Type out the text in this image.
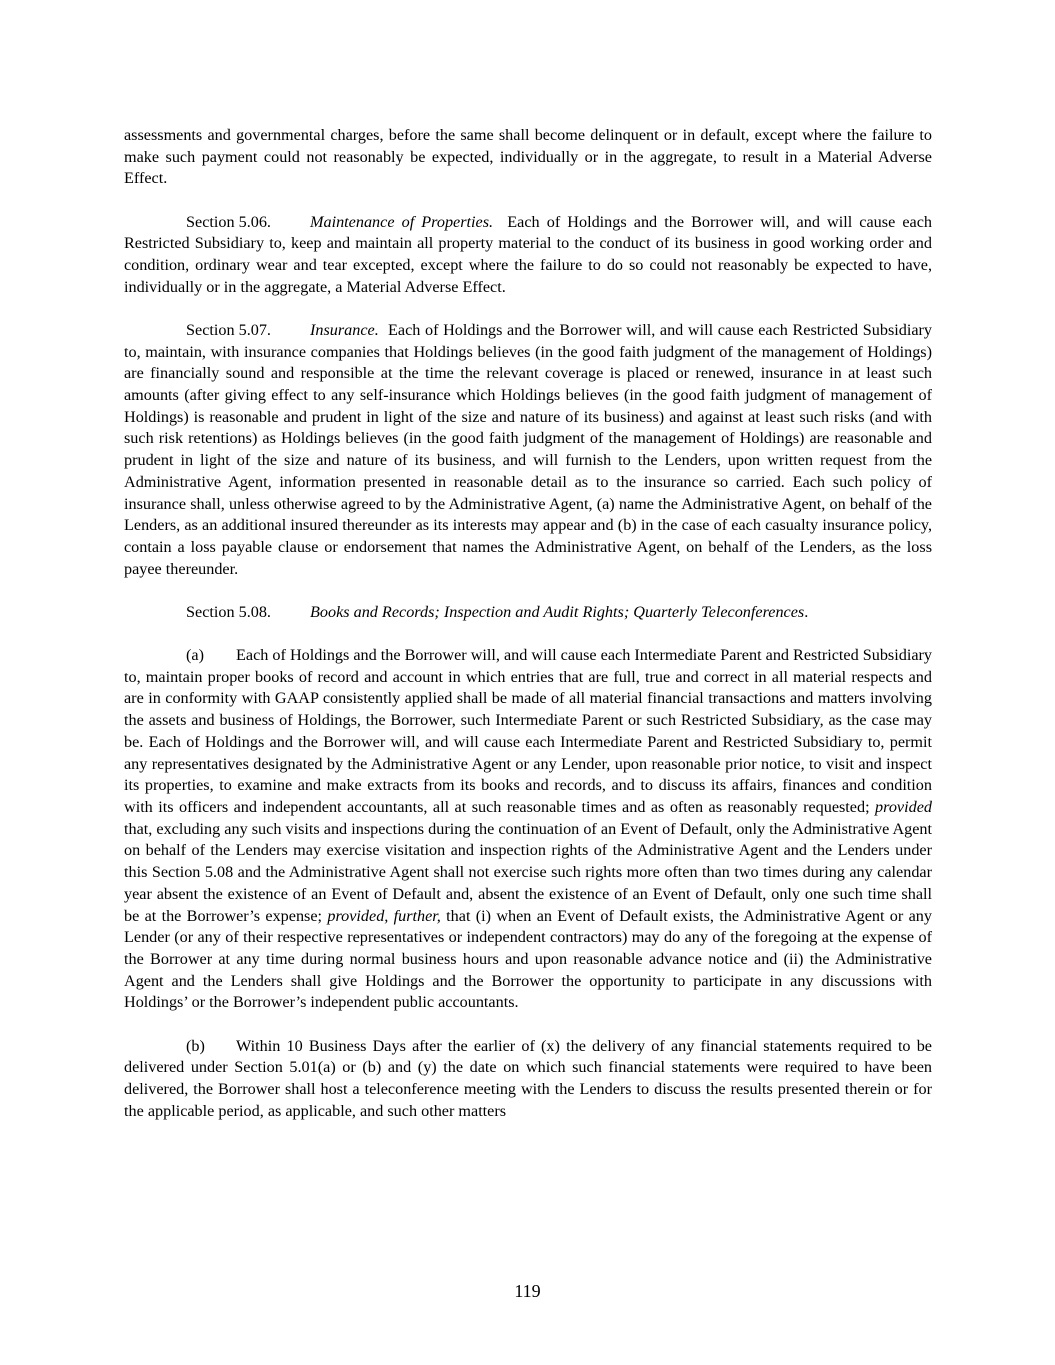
assessments and governmental charges, before the same shall become delinquent or in default, except where the failure to make such payment could not reasonably be expected, individually or in the aggregate, to result in a Material Adverse Effect.

Section 5.06. Maintenance of Properties. Each of Holdings and the Borrower will, and will cause each Restricted Subsidiary to, keep and maintain all property material to the conduct of its business in good working order and condition, ordinary wear and tear excepted, except where the failure to do so could not reasonably be expected to have, individually or in the aggregate, a Material Adverse Effect.

Section 5.07. Insurance. Each of Holdings and the Borrower will, and will cause each Restricted Subsidiary to, maintain, with insurance companies that Holdings believes (in the good faith judgment of the management of Holdings) are financially sound and responsible at the time the relevant coverage is placed or renewed, insurance in at least such amounts (after giving effect to any self-insurance which Holdings believes (in the good faith judgment of management of Holdings) is reasonable and prudent in light of the size and nature of its business) and against at least such risks (and with such risk retentions) as Holdings believes (in the good faith judgment of the management of Holdings) are reasonable and prudent in light of the size and nature of its business, and will furnish to the Lenders, upon written request from the Administrative Agent, information presented in reasonable detail as to the insurance so carried. Each such policy of insurance shall, unless otherwise agreed to by the Administrative Agent, (a) name the Administrative Agent, on behalf of the Lenders, as an additional insured thereunder as its interests may appear and (b) in the case of each casualty insurance policy, contain a loss payable clause or endorsement that names the Administrative Agent, on behalf of the Lenders, as the loss payee thereunder.

Section 5.08. Books and Records; Inspection and Audit Rights; Quarterly Teleconferences.

(a) Each of Holdings and the Borrower will, and will cause each Intermediate Parent and Restricted Subsidiary to, maintain proper books of record and account in which entries that are full, true and correct in all material respects and are in conformity with GAAP consistently applied shall be made of all material financial transactions and matters involving the assets and business of Holdings, the Borrower, such Intermediate Parent or such Restricted Subsidiary, as the case may be. Each of Holdings and the Borrower will, and will cause each Intermediate Parent and Restricted Subsidiary to, permit any representatives designated by the Administrative Agent or any Lender, upon reasonable prior notice, to visit and inspect its properties, to examine and make extracts from its books and records, and to discuss its affairs, finances and condition with its officers and independent accountants, all at such reasonable times and as often as reasonably requested; provided that, excluding any such visits and inspections during the continuation of an Event of Default, only the Administrative Agent on behalf of the Lenders may exercise visitation and inspection rights of the Administrative Agent and the Lenders under this Section 5.08 and the Administrative Agent shall not exercise such rights more often than two times during any calendar year absent the existence of an Event of Default and, absent the existence of an Event of Default, only one such time shall be at the Borrower’s expense; provided, further, that (i) when an Event of Default exists, the Administrative Agent or any Lender (or any of their respective representatives or independent contractors) may do any of the foregoing at the expense of the Borrower at any time during normal business hours and upon reasonable advance notice and (ii) the Administrative Agent and the Lenders shall give Holdings and the Borrower the opportunity to participate in any discussions with Holdings’ or the Borrower’s independent public accountants.

(b) Within 10 Business Days after the earlier of (x) the delivery of any financial statements required to be delivered under Section 5.01(a) or (b) and (y) the date on which such financial statements were required to have been delivered, the Borrower shall host a teleconference meeting with the Lenders to discuss the results presented therein or for the applicable period, as applicable, and such other matters

119
